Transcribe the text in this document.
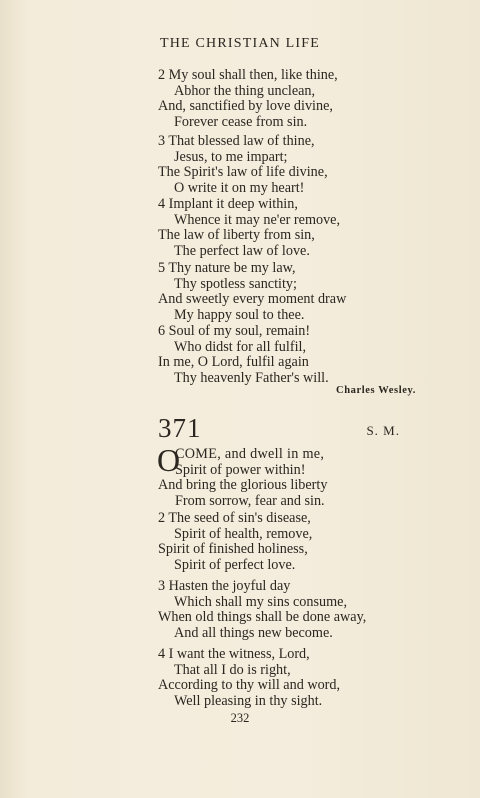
THE CHRISTIAN LIFE
2 My soul shall then, like thine,
Abhor the thing unclean,
And, sanctified by love divine,
Forever cease from sin.
3 That blessed law of thine,
Jesus, to me impart;
The Spirit's law of life divine,
O write it on my heart!
4 Implant it deep within,
Whence it may ne'er remove,
The law of liberty from sin,
The perfect law of love.
5 Thy nature be my law,
Thy spotless sanctity;
And sweetly every moment draw
My happy soul to thee.
6 Soul of my soul, remain!
Who didst for all fulfil,
In me, O Lord, fulfil again
Thy heavenly Father's will.
Charles Wesley.
371	S. M.
O
COME, and dwell in me,
Spirit of power within!
And bring the glorious liberty
From sorrow, fear and sin.
2 The seed of sin's disease,
Spirit of health, remove,
Spirit of finished holiness,
Spirit of perfect love.
3 Hasten the joyful day
Which shall my sins consume,
When old things shall be done away,
And all things new become.
4 I want the witness, Lord,
That all I do is right,
According to thy will and word,
Well pleasing in thy sight.
232
